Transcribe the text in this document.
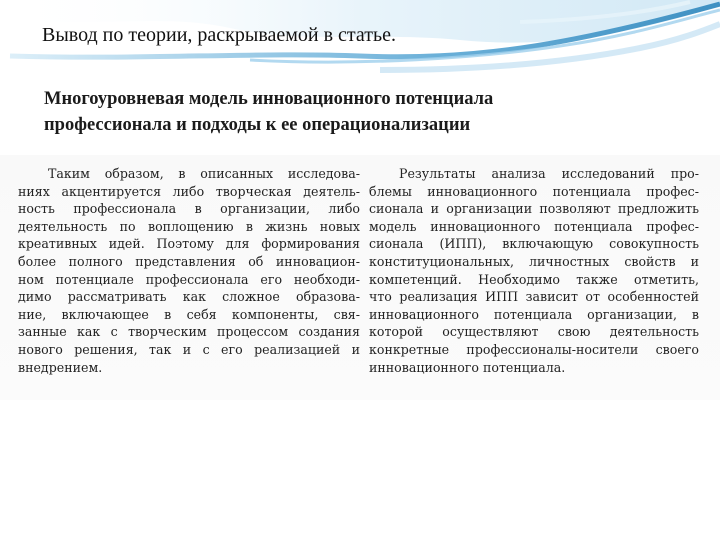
Вывод по теории, раскрываемой в статье.
Многоуровневая модель инновационного потенциала
профессионала и подходы к ее операционализации
Таким образом, в описанных исследова-
ниях акцентируется либо творческая деятель-
ность профессионала в организации, либо
деятельность по воплощению в жизнь новых
креативных идей. Поэтому для формирования
более полного представления об инновацион-
ном потенциале профессионала его необходи-
димо рассматривать как сложное образова-
ние, включающее в себя компоненты, свя-
занные как с творческим процессом создания
нового решения, так и с его реализацией и
внедрением.
Результаты анализа исследований про-
блемы инновационного потенциала профес-
сионала и организации позволяют предложить
модель инновационного потенциала профес-
сионала (ИПП), включающую совокупность
конституциональных, личностных свойств и
компетенций. Необходимо также отметить,
что реализация ИПП зависит от особенностей
инновационного потенциала организации, в
которой осуществляют свою деятельность
конкретные профессионалы-носители своего
инновационного потенциала.
